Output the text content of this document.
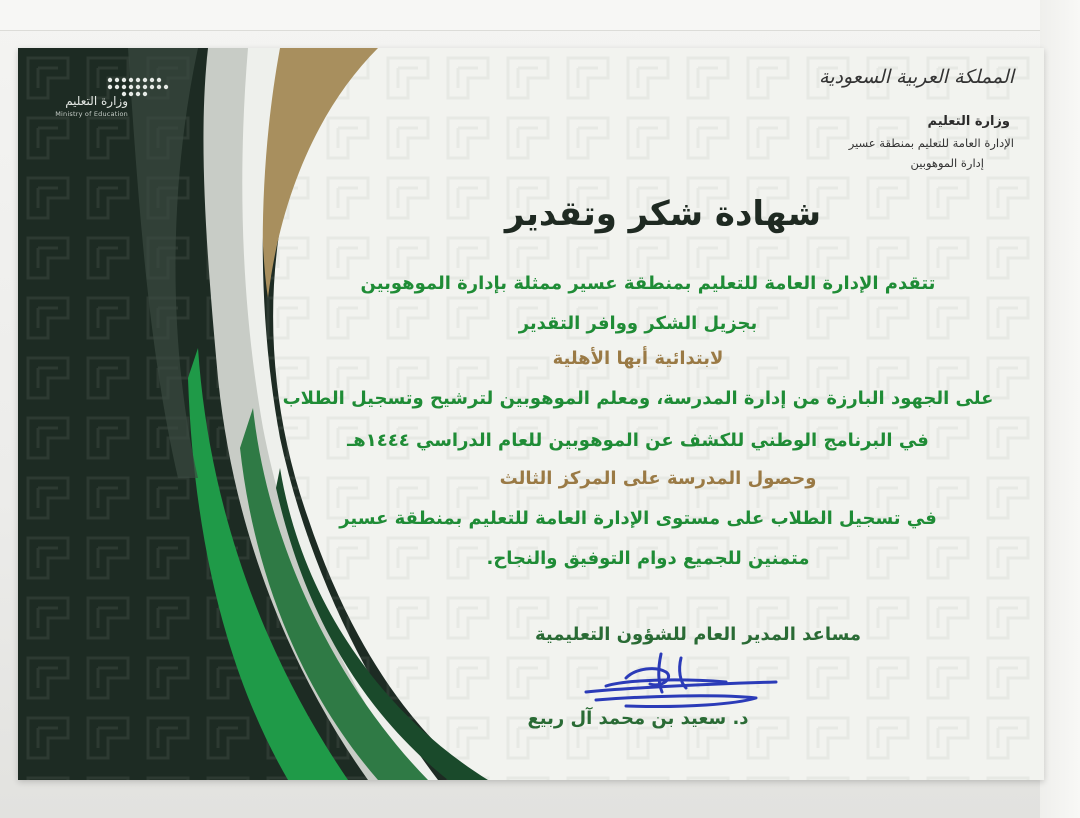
وزارة التعليم
Ministry of Education
المملكة العربية السعودية
وزارة التعليم
الإدارة العامة للتعليم بمنطقة عسير
إدارة الموهوبين
شهادة شكر وتقدير
تتقدم الإدارة العامة للتعليم بمنطقة عسير ممثلة بإدارة الموهوبين
بجزيل الشكر ووافر التقدير
لابتدائية أبها الأهلية
على الجهود البارزة من إدارة المدرسة، ومعلم الموهوبين لترشيح وتسجيل الطلاب
في البرنامج الوطني للكشف عن الموهوبين للعام الدراسي ١٤٤٤هـ
وحصول المدرسة على المركز الثالث
في تسجيل الطلاب على مستوى الإدارة العامة للتعليم بمنطقة عسير
متمنين للجميع دوام التوفيق والنجاح.
مساعد المدير العام للشؤون التعليمية
د. سعيد بن محمد آل ربيع
